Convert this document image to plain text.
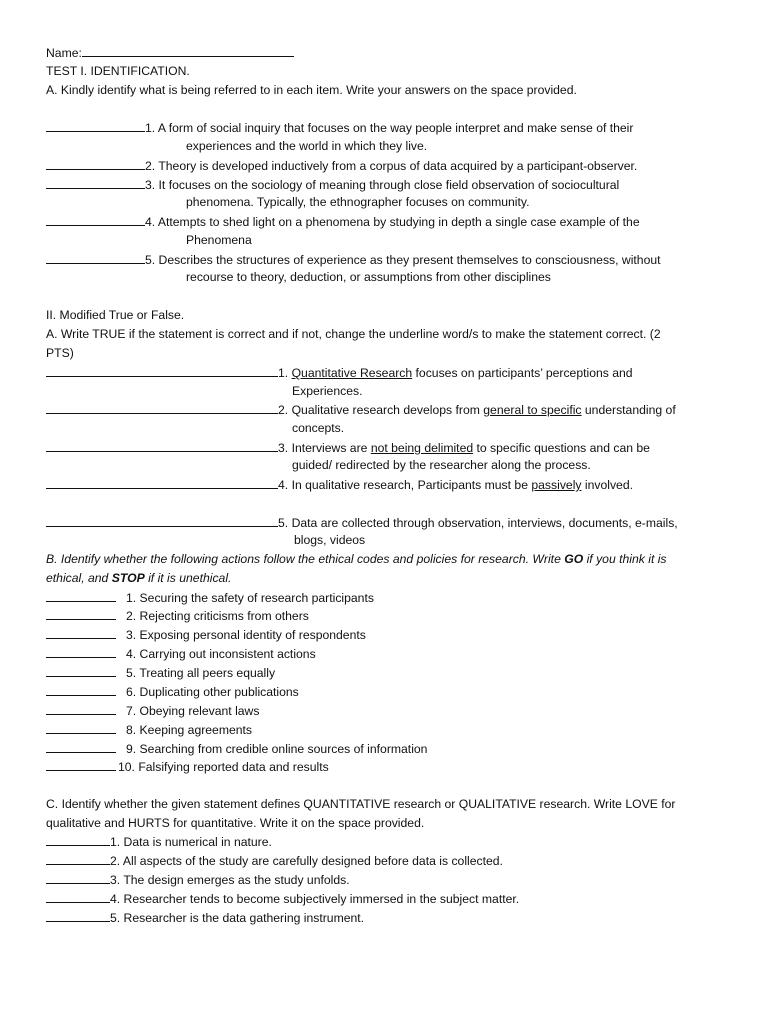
Name:
TEST I. IDENTIFICATION.
A. Kindly identify what is being referred to in each item. Write your answers on the space provided.
1. A form of social inquiry that focuses on the way people interpret and make sense of their
experiences and the world in which they live.
2. Theory is developed inductively from a corpus of data acquired by a participant-observer.
3. It focuses on the sociology of meaning through close field observation of sociocultural
phenomena. Typically, the ethnographer focuses on community.
4. Attempts to shed light on a phenomena by studying in depth a single case example of the
Phenomena
5. Describes the structures of experience as they present themselves to consciousness, without
recourse to theory, deduction, or assumptions from other disciplines
II. Modified True or False.
A. Write TRUE if the statement is correct and if not, change the underline word/s to make the statement correct. (2
PTS)
1. Quantitative Research focuses on participants’ perceptions and
Experiences.
2. Qualitative research develops from general to specific understanding of
concepts.
3. Interviews are not being delimited to specific questions and can be
guided/ redirected by the researcher along the process.
4. In qualitative research, Participants must be passively involved.
5. Data are collected through observation, interviews, documents, e-mails,
blogs, videos
B. Identify whether the following actions follow the ethical codes and policies for research. Write GO if you think it is
ethical, and STOP if it is unethical.
1. Securing the safety of research participants
2. Rejecting criticisms from others
3. Exposing personal identity of respondents
4. Carrying out inconsistent actions
5. Treating all peers equally
6. Duplicating other publications
7. Obeying relevant laws
8. Keeping agreements
9. Searching from credible online sources of information
10. Falsifying reported data and results
C. Identify whether the given statement defines QUANTITATIVE research or QUALITATIVE research. Write LOVE for
qualitative and HURTS for quantitative. Write it on the space provided.
1. Data is numerical in nature.
2. All aspects of the study are carefully designed before data is collected.
3. The design emerges as the study unfolds.
4. Researcher tends to become subjectively immersed in the subject matter.
5. Researcher is the data gathering instrument.
